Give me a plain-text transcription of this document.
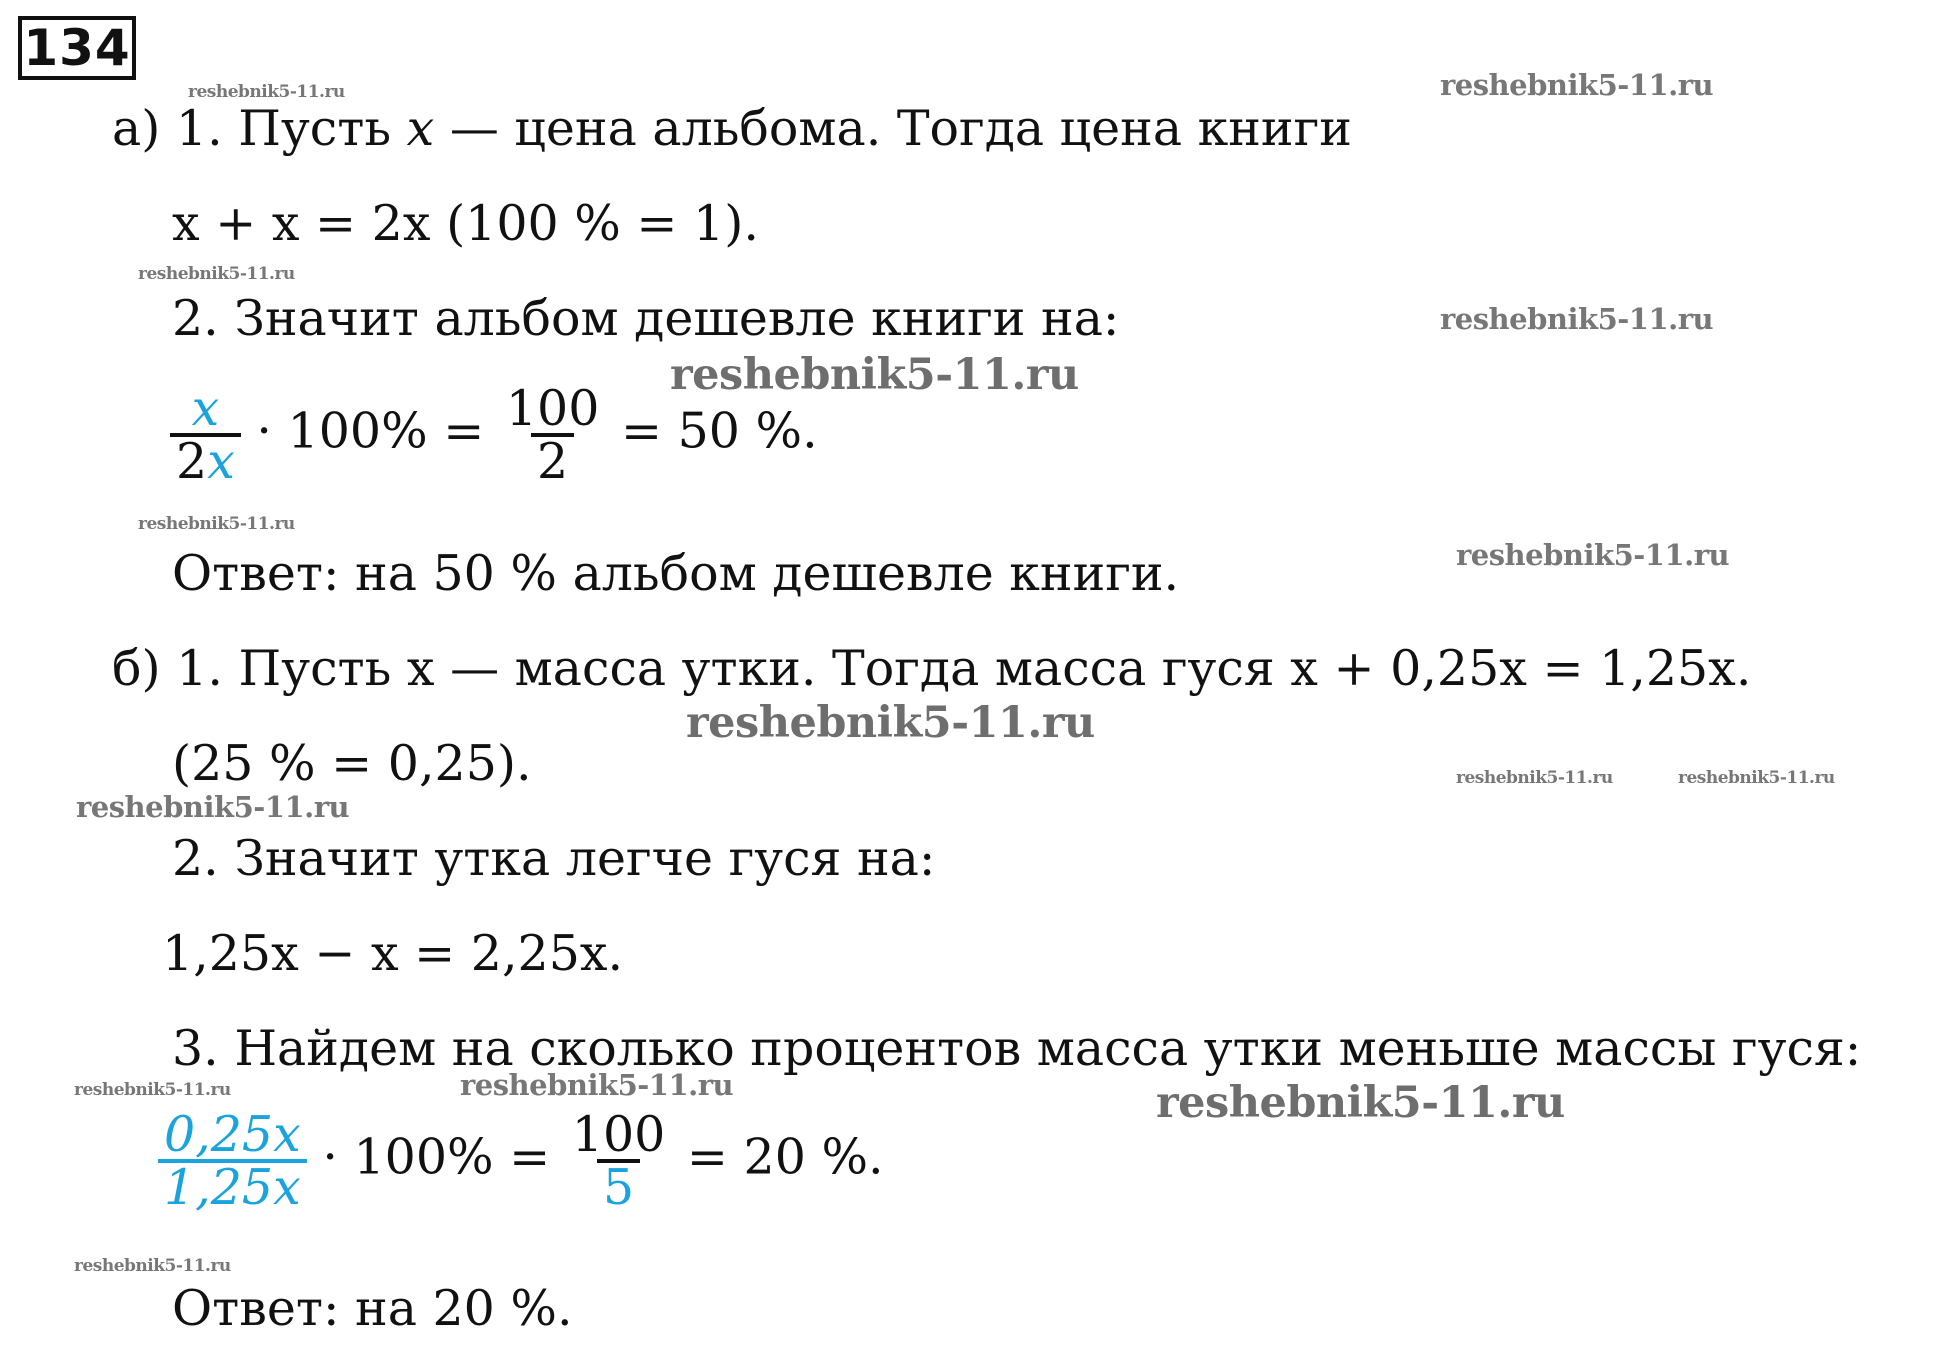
134
а) 1. Пусть x — цена альбома. Тогда цена книги
x + x = 2x (100 % = 1).
2. Значит альбом дешевле книги на:
$\frac{x}{2x} \cdot 100\% = \frac{100}{2} = 50$ %.
Ответ: на 50 % альбом дешевле книги.
б) 1. Пусть x — масса утки. Тогда масса гуся x + 0,25x = 1,25x.
(25 % = 0,25).
2. Значит утка легче гуся на:
1,25x − x = 2,25x.
3. Найдем на сколько процентов масса утки меньше массы гуся:
$\frac{0,25x}{1,25x} \cdot 100\% = \frac{100}{5} = 20$ %.
Ответ: на 20 %.
reshebnik5-11.ru	reshebnik5-11.ru
reshebnik5-11.ru
reshebnik5-11.ru
reshebnik5-11.ru
reshebnik5-11.ru
reshebnik5-11.ru
reshebnik5-11.ru
reshebnik5-11.ru
reshebnik5-11.ru	reshebnik5-11.ru
reshebnik5-11.ru	reshebnik5-11.ru	reshebnik5-11.ru
reshebnik5-11.ru
